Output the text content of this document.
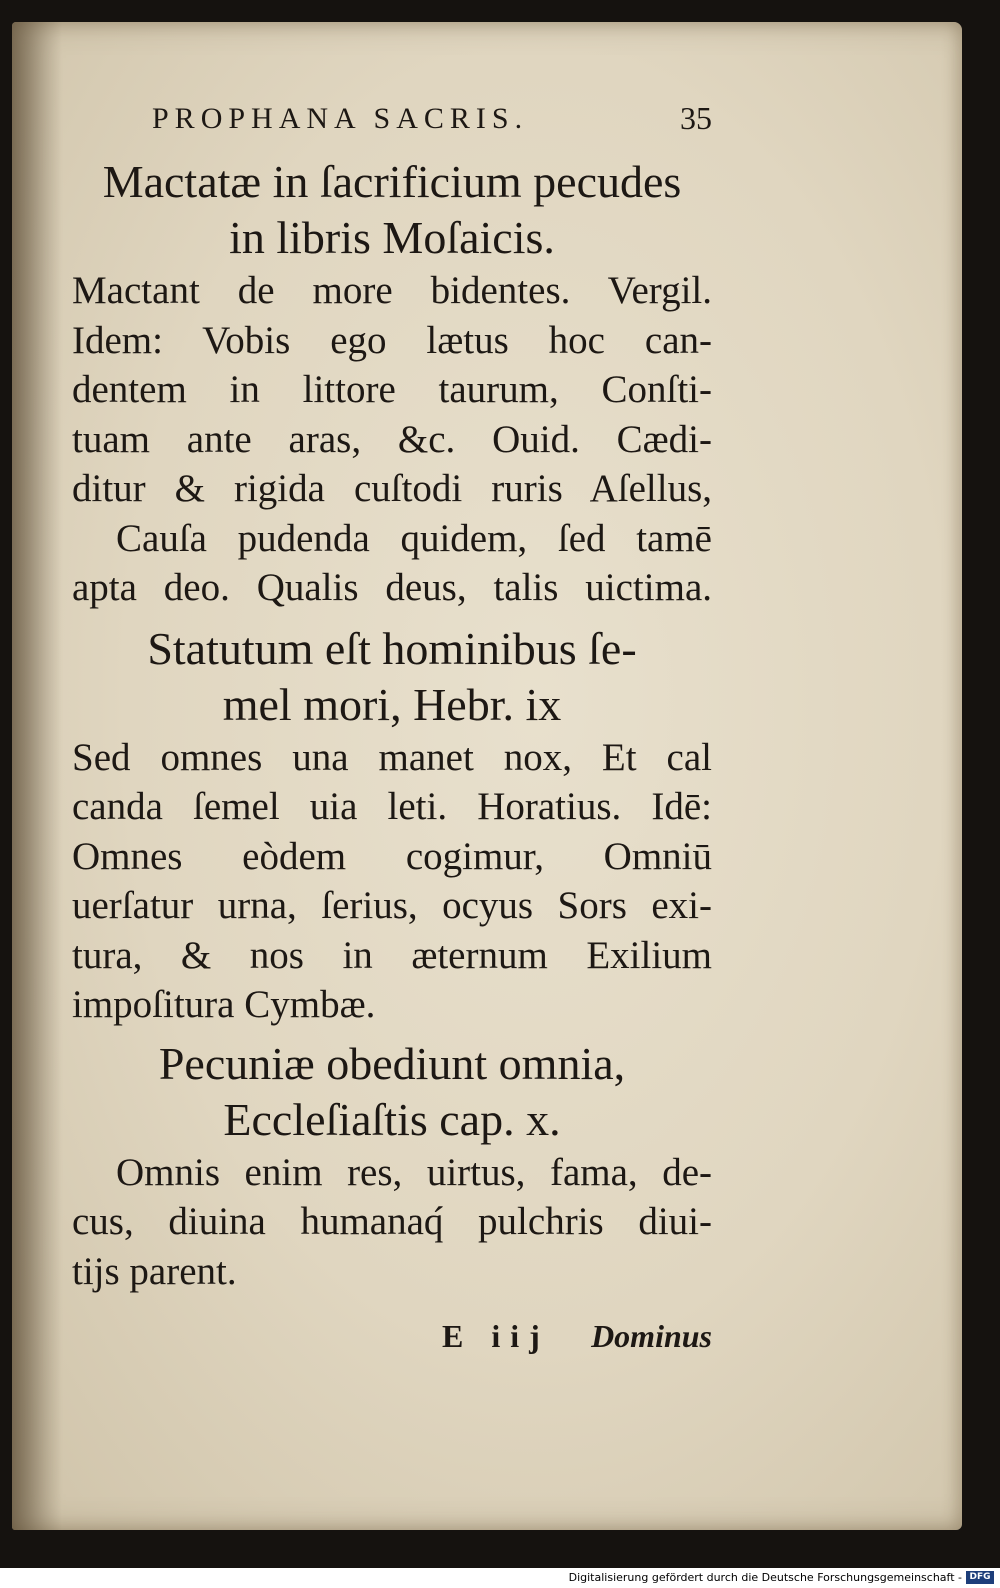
PROPHANA SACRIS.	35
Mactatæ in ſacrificium pecudes
in libris Moſaicis.
Mactant de more bidentes. Vergil.
Idem: Vobis ego lætus hoc can-
dentem in littore taurum, Conſti-
tuam ante aras, &c. Ouid. Cædi-
ditur & rigida cuſtodi ruris Aſellus,
Cauſa pudenda quidem, ſed tamē
apta deo. Qualis deus, talis uictima.
Statutum eſt hominibus ſe-
mel mori, Hebr. ix
Sed omnes una manet nox, Et cal
canda ſemel uia leti. Horatius. Idē:
Omnes eòdem cogimur, Omniū
uerſatur urna, ſerius, ocyus Sors exi-
tura, & nos in æternum Exilium
impoſitura Cymbæ.
Pecuniæ obediunt omnia,
Eccleſiaſtis cap. x.
Omnis enim res, uirtus, fama, de-
cus, diuina humanaq́ pulchris diui-
tijs parent.
E iij Dominus
Digitalisierung gefördert durch die Deutsche Forschungsgemeinschaft - DFG
